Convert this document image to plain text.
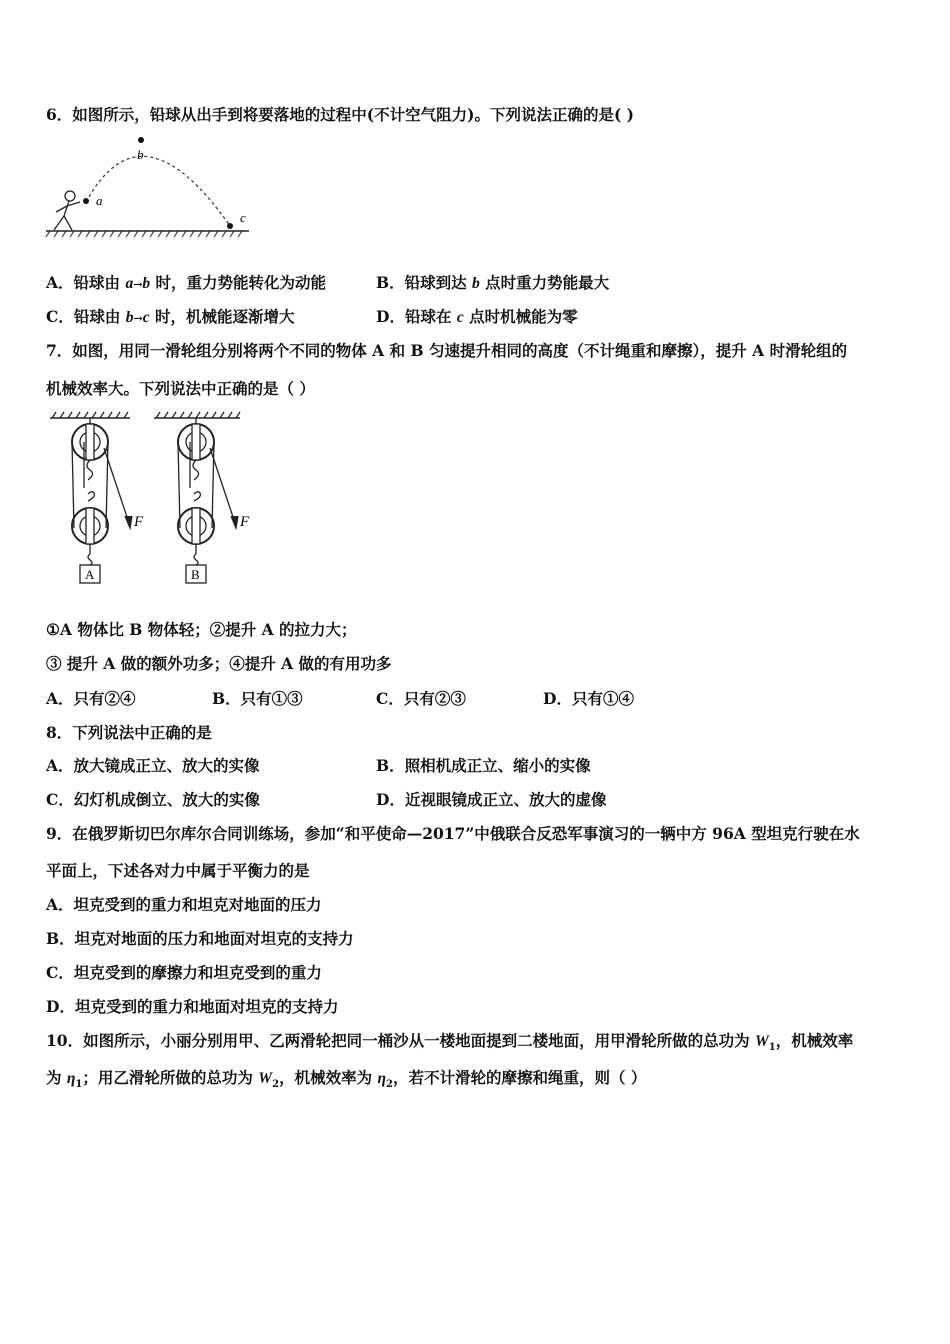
6．如图所示，铅球从出手到将要落地的过程中(不计空气阻力)。下列说法正确的是( )
a
b
c
A．铅球由 a→b 时，重力势能转化为动能	B．铅球到达 b 点时重力势能最大
C．铅球由 b→c 时，机械能逐渐增大	D．铅球在 c 点时机械能为零
7．如图，用同一滑轮组分别将两个不同的物体 A 和 B 匀速提升相同的高度（不计绳重和摩擦），提升 A 时滑轮组的
机械效率大。下列说法中正确的是（ ）
F	F
A	B
①A 物体比 B 物体轻；②提升 A 的拉力大；
③ 提升 A 做的额外功多；④提升 A 做的有用功多
A．只有②④	B．只有①③	C．只有②③	D．只有①④
8．下列说法中正确的是
A．放大镜成正立、放大的实像	B．照相机成正立、缩小的实像
C．幻灯机成倒立、放大的实像	D．近视眼镜成正立、放大的虚像
9．在俄罗斯切巴尔库尔合同训练场，参加“和平使命—2017”中俄联合反恐军事演习的一辆中方 96A 型坦克行驶在水
平面上，下述各对力中属于平衡力的是
A．坦克受到的重力和坦克对地面的压力
B．坦克对地面的压力和地面对坦克的支持力
C．坦克受到的摩擦力和坦克受到的重力
D．坦克受到的重力和地面对坦克的支持力
10．如图所示，小丽分别用甲、乙两滑轮把同一桶沙从一楼地面提到二楼地面，用甲滑轮所做的总功为 $W_1$，机械效率
为 $\eta_1$；用乙滑轮所做的总功为 $W_2$，机械效率为 $\eta_2$，若不计滑轮的摩擦和绳重，则（ ）
